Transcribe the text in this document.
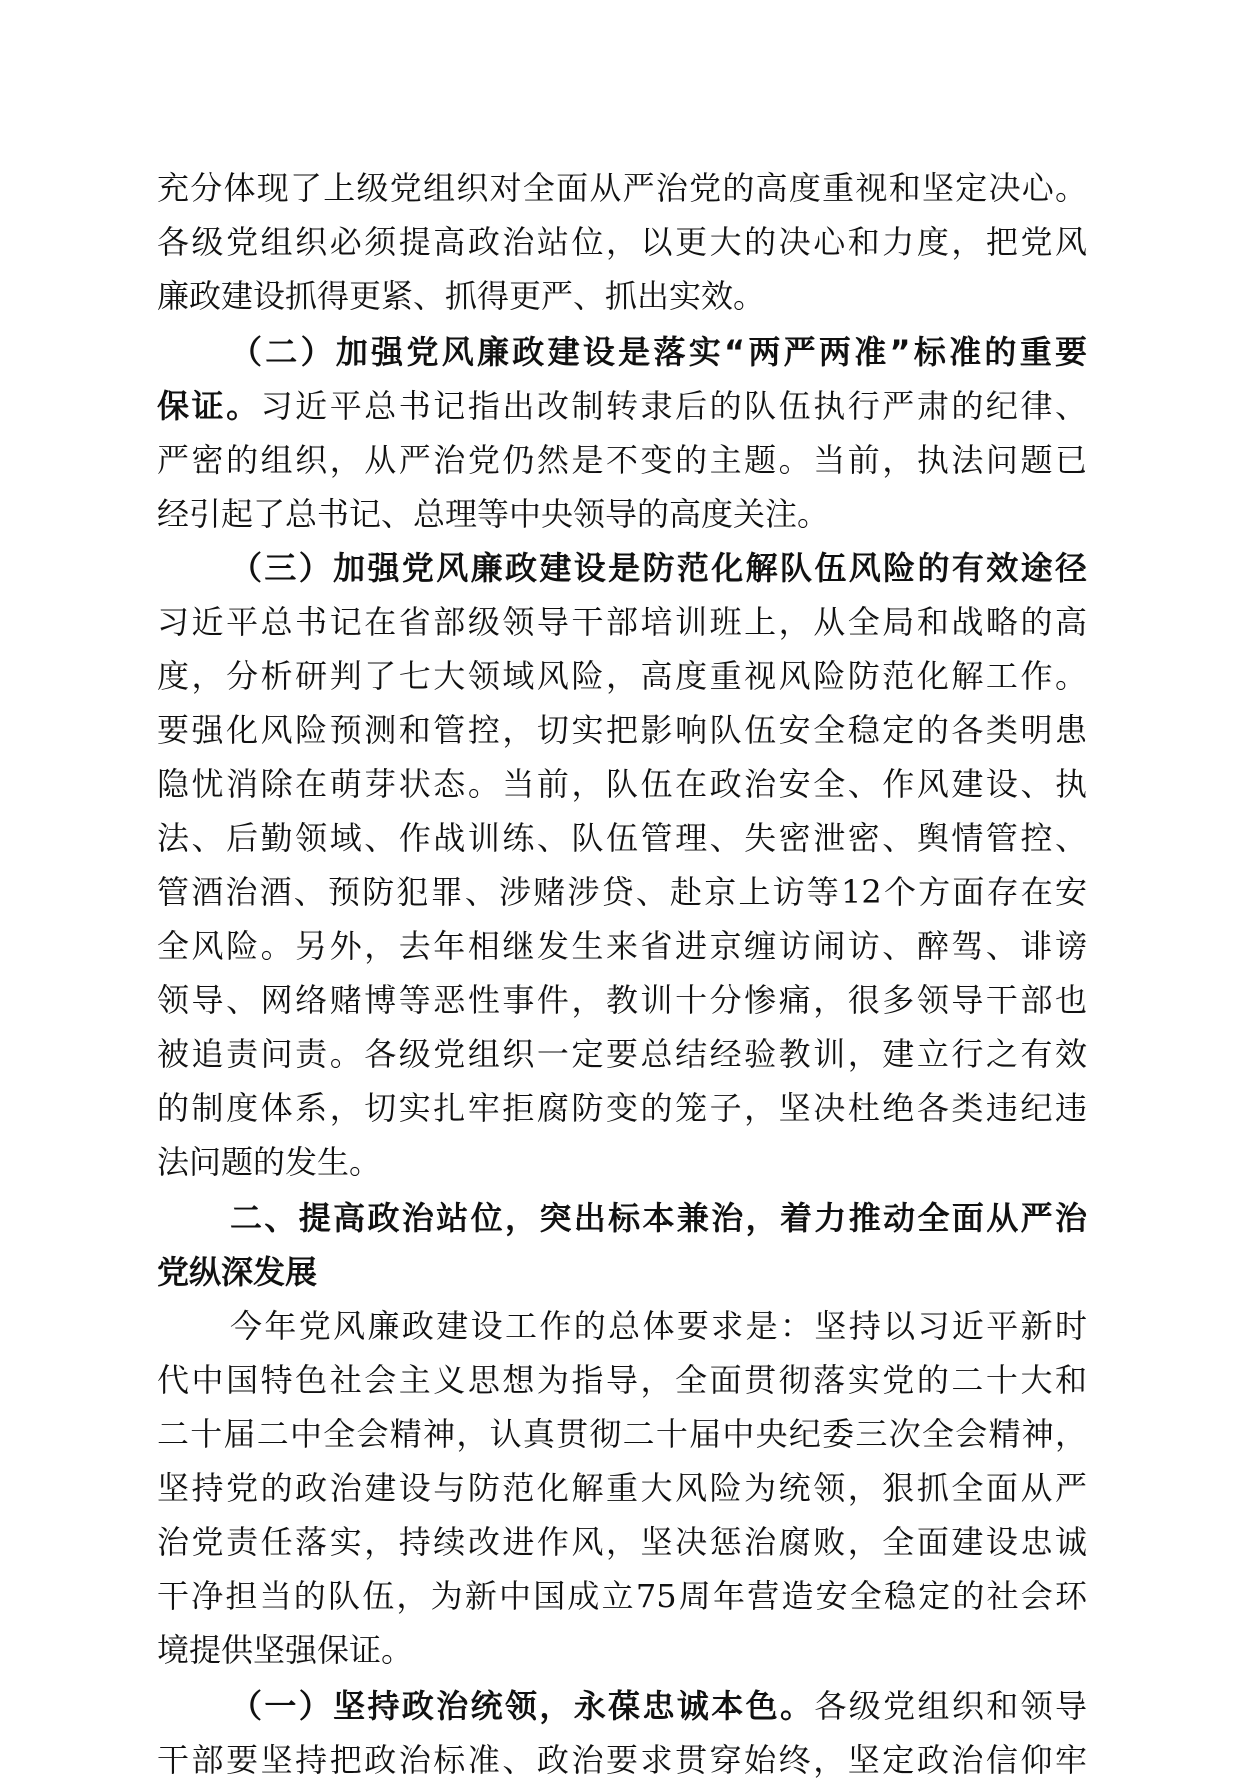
充分体现了上级党组织对全面从严治党的高度重视和坚定决心。
各级党组织必须提高政治站位，以更大的决心和力度，把党风
廉政建设抓得更紧、抓得更严、抓出实效。
（二）加强党风廉政建设是落实“两严两准”标准的重要
保证。习近平总书记指出改制转隶后的队伍执行严肃的纪律、
严密的组织，从严治党仍然是不变的主题。当前，执法问题已
经引起了总书记、总理等中央领导的高度关注。
（三）加强党风廉政建设是防范化解队伍风险的有效途径
习近平总书记在省部级领导干部培训班上，从全局和战略的高
度，分析研判了七大领域风险，高度重视风险防范化解工作。
要强化风险预测和管控，切实把影响队伍安全稳定的各类明患
隐忧消除在萌芽状态。当前，队伍在政治安全、作风建设、执
法、后勤领域、作战训练、队伍管理、失密泄密、舆情管控、
管酒治酒、预防犯罪、涉赌涉贷、赴京上访等12个方面存在安
全风险。另外，去年相继发生来省进京缠访闹访、醉驾、诽谤
领导、网络赌博等恶性事件，教训十分惨痛，很多领导干部也
被追责问责。各级党组织一定要总结经验教训，建立行之有效
的制度体系，切实扎牢拒腐防变的笼子，坚决杜绝各类违纪违
法问题的发生。
二、提高政治站位，突出标本兼治，着力推动全面从严治
党纵深发展
今年党风廉政建设工作的总体要求是：坚持以习近平新时
代中国特色社会主义思想为指导，全面贯彻落实党的二十大和
二十届二中全会精神，认真贯彻二十届中央纪委三次全会精神，
坚持党的政治建设与防范化解重大风险为统领，狠抓全面从严
治党责任落实，持续改进作风，坚决惩治腐败，全面建设忠诚
干净担当的队伍，为新中国成立75周年营造安全稳定的社会环
境提供坚强保证。
（一）坚持政治统领，永葆忠诚本色。各级党组织和领导
干部要坚持把政治标准、政治要求贯穿始终，坚定政治信仰牢
